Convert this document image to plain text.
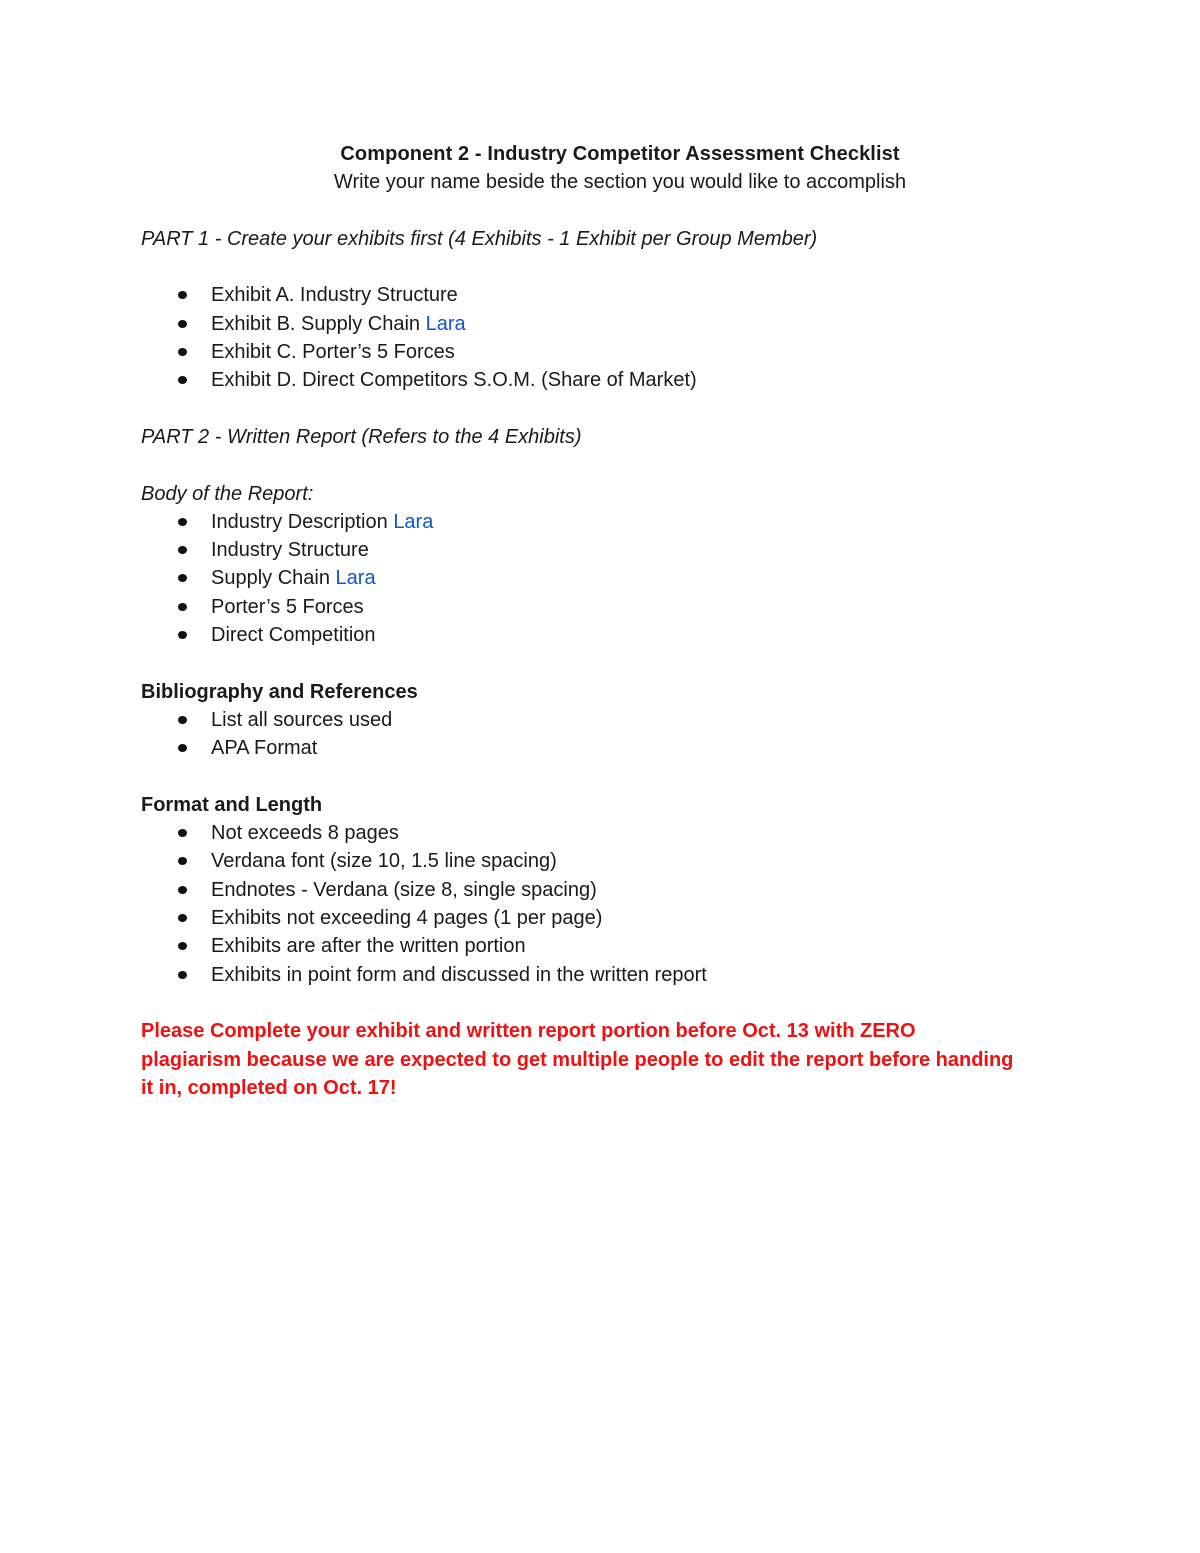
Component 2 - Industry Competitor Assessment Checklist

Write your name beside the section you would like to accomplish

PART 1 - Create your exhibits first (4 Exhibits - 1 Exhibit per Group Member)

Exhibit A. Industry Structure
Exhibit B. Supply Chain Lara
Exhibit C. Porter’s 5 Forces
Exhibit D. Direct Competitors S.O.M. (Share of Market)

PART 2 - Written Report (Refers to the 4 Exhibits)

Body of the Report:

Industry Description Lara
Industry Structure
Supply Chain Lara
Porter’s 5 Forces
Direct Competition

Bibliography and References

List all sources used
APA Format

Format and Length

Not exceeds 8 pages
Verdana font (size 10, 1.5 line spacing)
Endnotes - Verdana (size 8, single spacing)
Exhibits not exceeding 4 pages (1 per page)
Exhibits are after the written portion
Exhibits in point form and discussed in the written report

Please Complete your exhibit and written report portion before Oct. 13 with ZERO plagiarism because we are expected to get multiple people to edit the report before handing it in, completed on Oct. 17!
